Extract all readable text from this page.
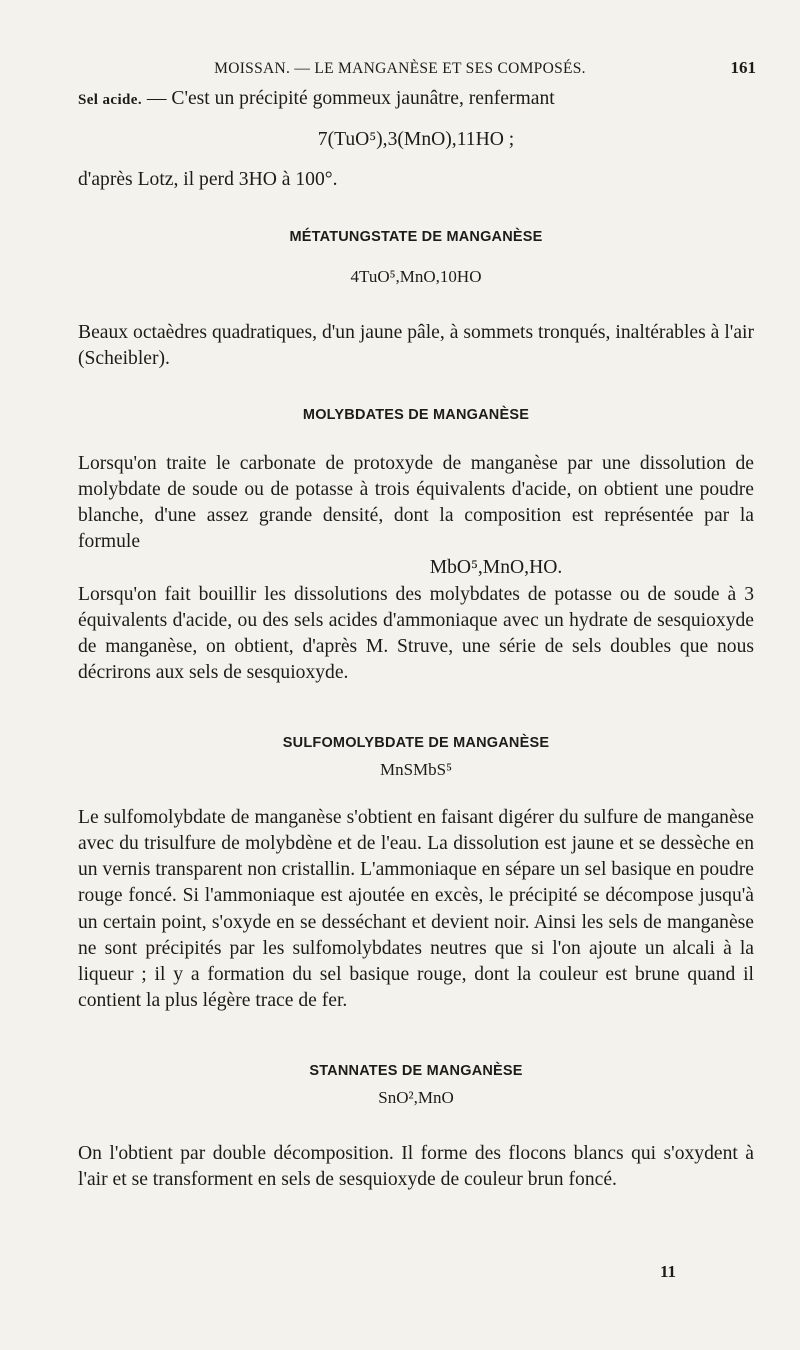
MOISSAN. — LE MANGANÈSE ET SES COMPOSÉS.	161

Sel acide. — C'est un précipité gommeux jaunâtre, renfermant

7(TuO⁵),3(MnO),11HO ;

d'après Lotz, il perd 3HO à 100°.

MÉTATUNGSTATE DE MANGANÈSE

4TuO⁵,MnO,10HO

Beaux octaèdres quadratiques, d'un jaune pâle, à sommets tronqués, inaltérables à l'air (Scheibler).

MOLYBDATES DE MANGANÈSE

Lorsqu'on traite le carbonate de protoxyde de manganèse par une dissolution de molybdate de soude ou de potasse à trois équivalents d'acide, on obtient une poudre blanche, d'une assez grande densité, dont la composition est représentée par la formule

MbO⁵,MnO,HO.

Lorsqu'on fait bouillir les dissolutions des molybdates de potasse ou de soude à 3 équivalents d'acide, ou des sels acides d'ammoniaque avec un hydrate de sesquioxyde de manganèse, on obtient, d'après M. Struve, une série de sels doubles que nous décrirons aux sels de sesquioxyde.

SULFOMOLYBDATE DE MANGANÈSE

MnSMbS⁵

Le sulfomolybdate de manganèse s'obtient en faisant digérer du sulfure de manganèse avec du trisulfure de molybdène et de l'eau. La dissolution est jaune et se dessèche en un vernis transparent non cristallin. L'ammoniaque en sépare un sel basique en poudre rouge foncé. Si l'ammoniaque est ajoutée en excès, le précipité se décompose jusqu'à un certain point, s'oxyde en se desséchant et devient noir. Ainsi les sels de manganèse ne sont précipités par les sulfomolybdates neutres que si l'on ajoute un alcali à la liqueur ; il y a formation du sel basique rouge, dont la couleur est brune quand il contient la plus légère trace de fer.

STANNATES DE MANGANÈSE

SnO²,MnO

On l'obtient par double décomposition. Il forme des flocons blancs qui s'oxydent à l'air et se transforment en sels de sesquioxyde de couleur brun foncé.

11
